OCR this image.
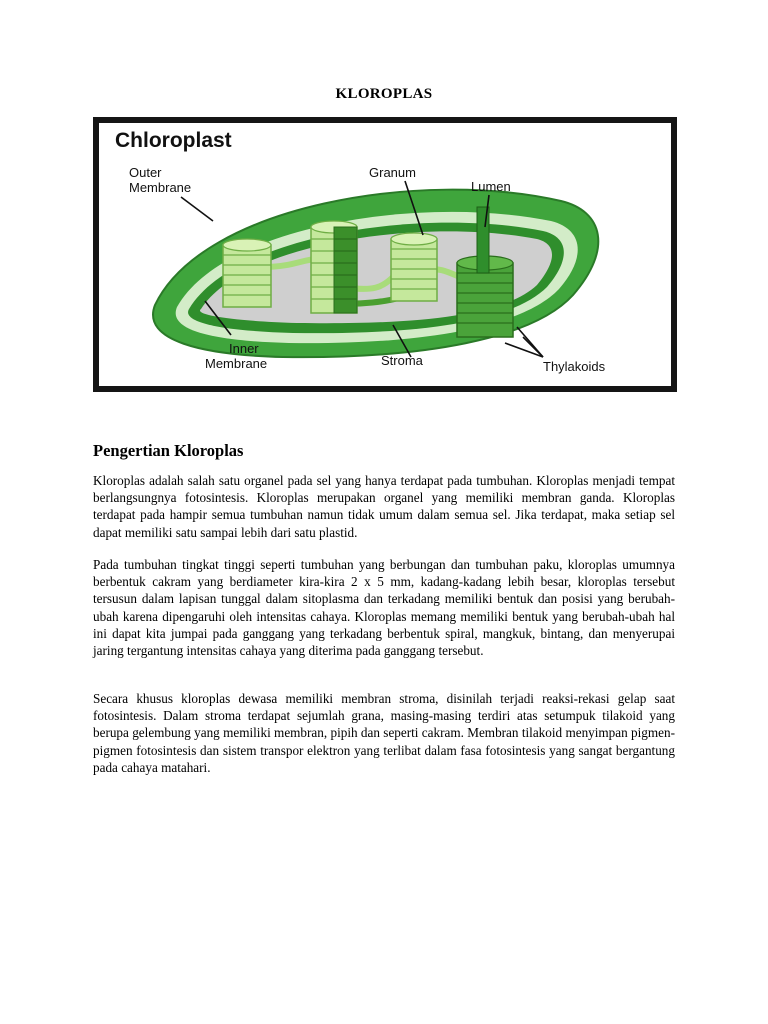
KLOROPLAS
Chloroplast
Outer
Membrane
Granum
Lumen
Inner
Membrane	Stroma	Thylakoids
Pengertian Kloroplas

Kloroplas adalah salah satu organel pada sel yang hanya terdapat pada tumbuhan. Kloroplas menjadi tempat berlangsungnya fotosintesis. Kloroplas merupakan organel yang memiliki membran ganda. Kloroplas terdapat pada hampir semua tumbuhan namun tidak umum dalam semua sel. Jika terdapat, maka setiap sel dapat memiliki satu sampai lebih dari satu plastid.

Pada tumbuhan tingkat tinggi seperti tumbuhan yang berbungan dan tumbuhan paku, kloroplas umumnya berbentuk cakram yang berdiameter kira-kira 2 x 5 mm, kadang-kadang lebih besar, kloroplas tersebut tersusun dalam lapisan tunggal dalam sitoplasma dan terkadang memiliki bentuk dan posisi yang berubah-ubah karena dipengaruhi oleh intensitas cahaya. Kloroplas memang memiliki bentuk yang berubah-ubah hal ini dapat kita jumpai pada ganggang yang terkadang berbentuk spiral, mangkuk, bintang, dan menyerupai jaring tergantung intensitas cahaya yang diterima pada ganggang tersebut.

Secara khusus kloroplas dewasa memiliki membran stroma, disinilah terjadi reaksi-rekasi gelap saat fotosintesis. Dalam stroma terdapat sejumlah grana, masing-masing terdiri atas setumpuk tilakoid yang berupa gelembung yang memiliki membran, pipih dan seperti cakram. Membran tilakoid menyimpan pigmen-pigmen fotosintesis dan sistem transpor elektron yang terlibat dalam fasa fotosintesis yang sangat bergantung pada cahaya matahari.
